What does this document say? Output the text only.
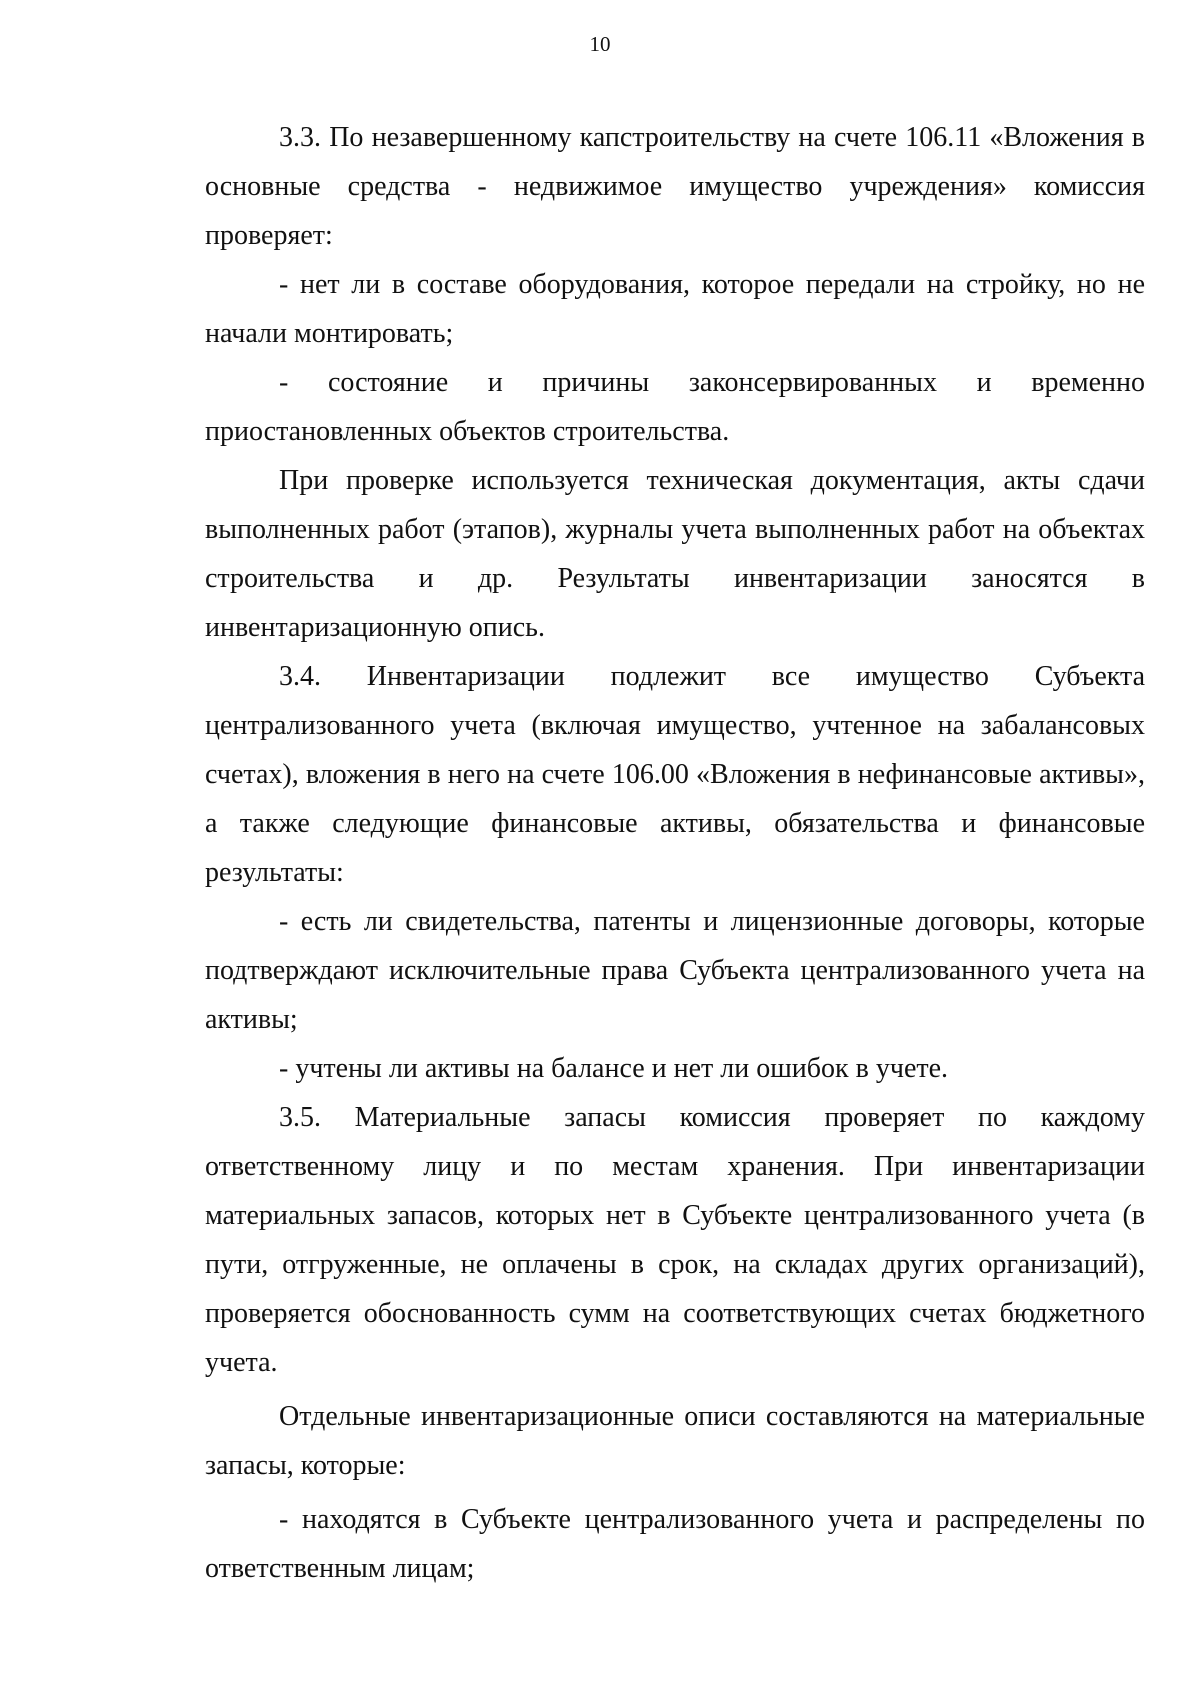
10

3.3. По незавершенному капстроительству на счете 106.11 «Вложения в основные средства - недвижимое имущество учреждения» комиссия проверяет:

- нет ли в составе оборудования, которое передали на стройку, но не начали монтировать;

- состояние и причины законсервированных и временно приостановленных объектов строительства.

При проверке используется техническая документация, акты сдачи выполненных работ (этапов), журналы учета выполненных работ на объектах строительства и др. Результаты инвентаризации заносятся в инвентаризационную опись.

3.4. Инвентаризации подлежит все имущество Субъекта централизованного учета (включая имущество, учтенное на забалансовых счетах), вложения в него на счете 106.00 «Вложения в нефинансовые активы», а также следующие финансовые активы, обязательства и финансовые результаты:

- есть ли свидетельства, патенты и лицензионные договоры, которые подтверждают исключительные права Субъекта централизованного учета на активы;

- учтены ли активы на балансе и нет ли ошибок в учете.

3.5. Материальные запасы комиссия проверяет по каждому ответственному лицу и по местам хранения. При инвентаризации материальных запасов, которых нет в Субъекте централизованного учета (в пути, отгруженные, не оплачены в срок, на складах других организаций), проверяется обоснованность сумм на соответствующих счетах бюджетного учета.

Отдельные инвентаризационные описи составляются на материальные запасы, которые:

- находятся в Субъекте централизованного учета и распределены по ответственным лицам;
